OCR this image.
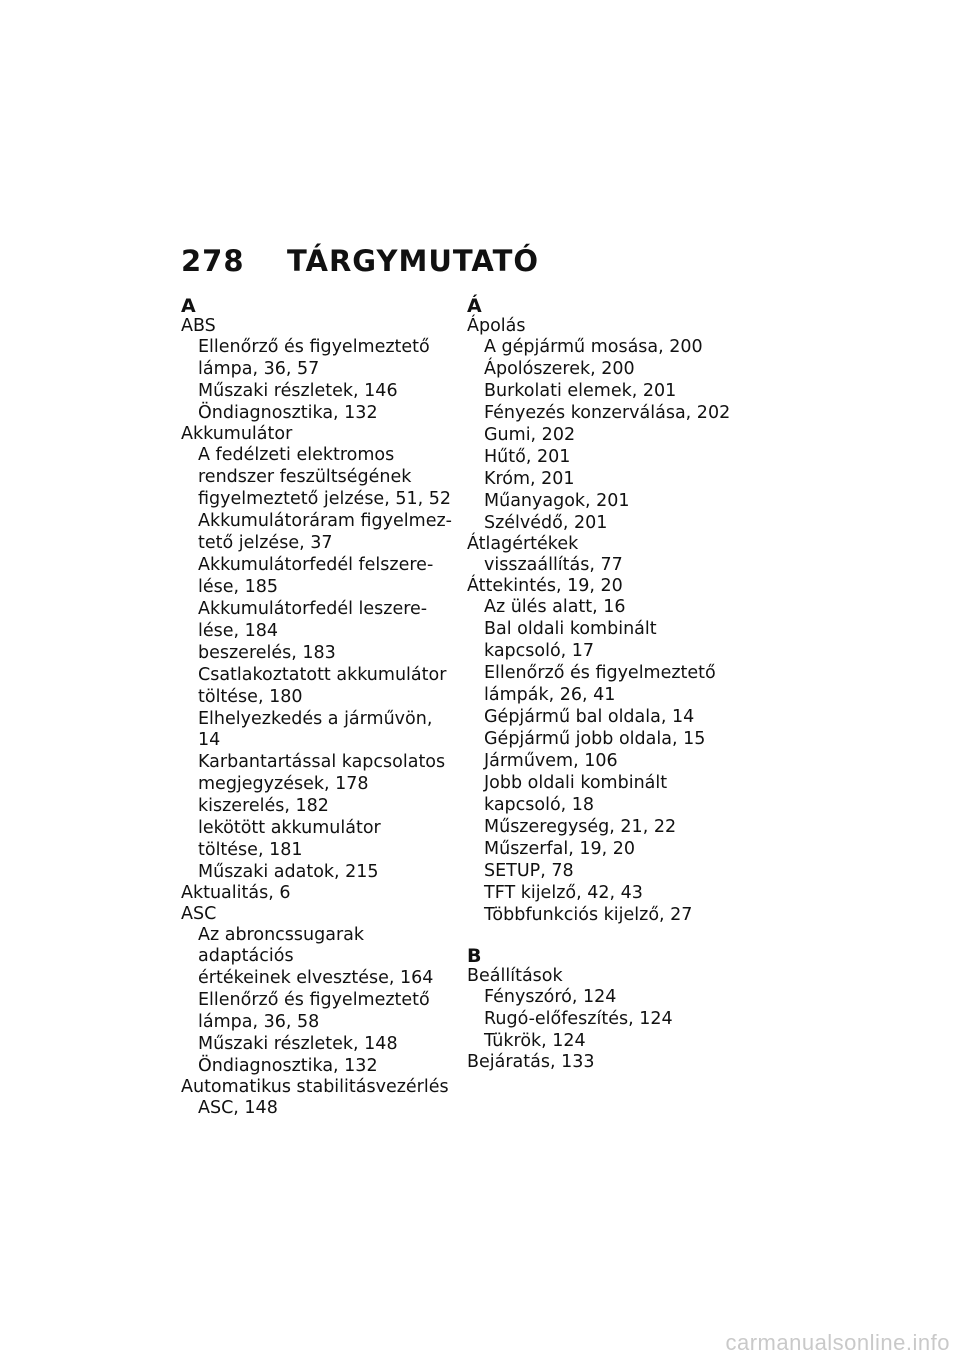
278 TÁRGYMUTATÓ
A
ABS
Ellenőrző és figyelmeztető
lámpa, 36, 57
Műszaki részletek, 146
Öndiagnosztika, 132
Akkumulátor
A fedélzeti elektromos
rendszer feszültségének
figyelmeztető jelzése, 51, 52
Akkumulátoráram figyelmez-
tető jelzése, 37
Akkumulátorfedél felszere-
lése, 185
Akkumulátorfedél leszere-
lése, 184
beszerelés, 183
Csatlakoztatott akkumulátor
töltése, 180
Elhelyezkedés a járművön, 14
Karbantartással kapcsolatos
megjegyzések, 178
kiszerelés, 182
lekötött akkumulátor
töltése, 181
Műszaki adatok, 215
Aktualitás, 6
ASC
Az abroncssugarak adaptációs
értékeinek elvesztése, 164
Ellenőrző és figyelmeztető
lámpa, 36, 58
Műszaki részletek, 148
Öndiagnosztika, 132
Automatikus stabilitásvezérlés
ASC, 148
Á
Ápolás
A gépjármű mosása, 200
Ápolószerek, 200
Burkolati elemek, 201
Fényezés konzerválása, 202
Gumi, 202
Hűtő, 201
Króm, 201
Műanyagok, 201
Szélvédő, 201
Átlagértékek
visszaállítás, 77
Áttekintés, 19, 20
Az ülés alatt, 16
Bal oldali kombinált
kapcsoló, 17
Ellenőrző és figyelmeztető
lámpák, 26, 41
Gépjármű bal oldala, 14
Gépjármű jobb oldala, 15
Járművem, 106
Jobb oldali kombinált
kapcsoló, 18
Műszeregység, 21, 22
Műszerfal, 19, 20
SETUP, 78
TFT kijelző, 42, 43
Többfunkciós kijelző, 27
B
Beállítások
Fényszóró, 124
Rugó-előfeszítés, 124
Tükrök, 124
Bejáratás, 133
carmanualsonline.info
